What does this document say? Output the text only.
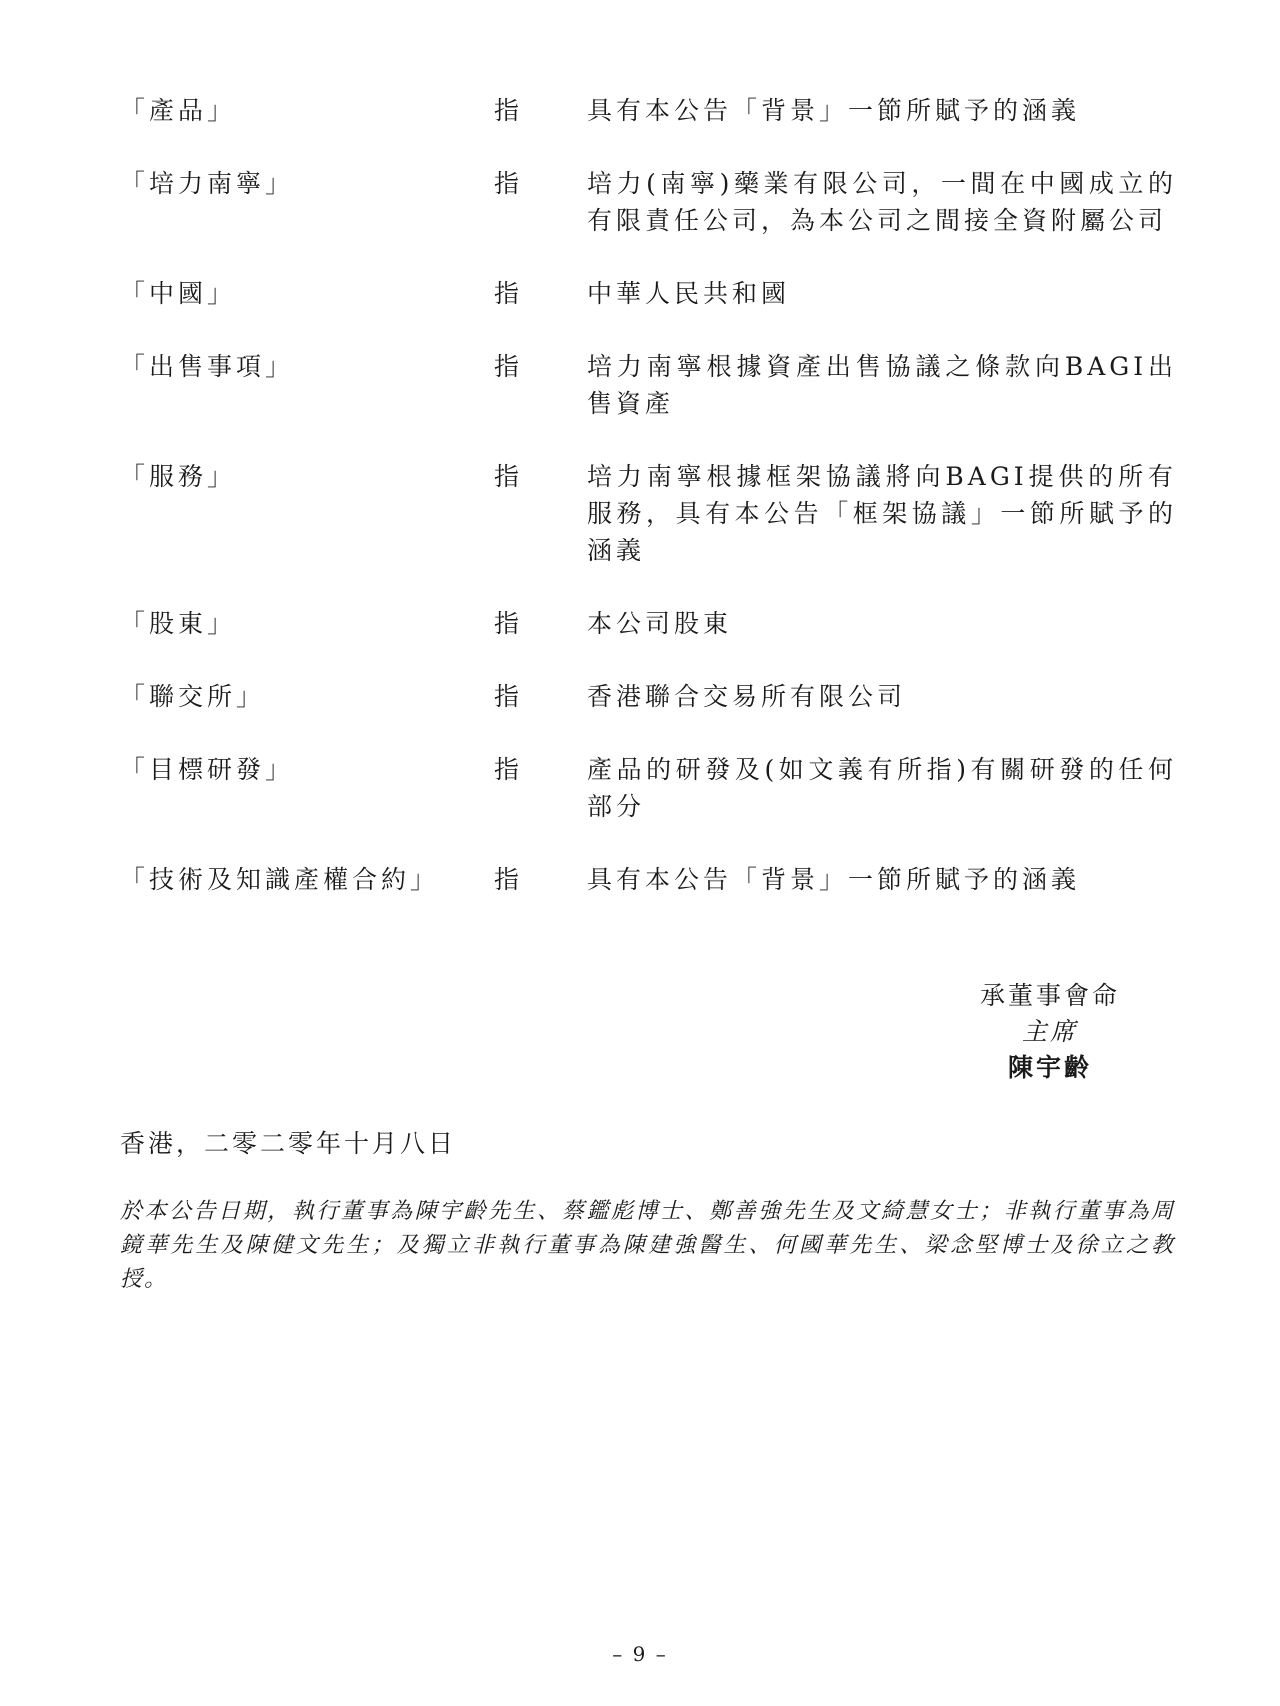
「產品」	指	具有本公告「背景」一節所賦予的涵義
「培力南寧」	指	培力(南寧)藥業有限公司，一間在中國成立的有限責任公司，為本公司之間接全資附屬公司
「中國」	指	中華人民共和國
「出售事項」	指	培力南寧根據資產出售協議之條款向BAGI出售資產
「服務」	指	培力南寧根據框架協議將向BAGI提供的所有服務，具有本公告「框架協議」一節所賦予的涵義
「股東」	指	本公司股東
「聯交所」	指	香港聯合交易所有限公司
「目標研發」	指	產品的研發及(如文義有所指)有關研發的任何部分
「技術及知識產權合約」	指	具有本公告「背景」一節所賦予的涵義
承董事會命
主席
陳宇齡
香港，二零二零年十月八日
於本公告日期，執行董事為陳宇齡先生、蔡鑑彪博士、鄭善強先生及文綺慧女士；非執行董事為周鏡華先生及陳健文先生；及獨立非執行董事為陳建強醫生、何國華先生、梁念堅博士及徐立之教授。
– 9 –
